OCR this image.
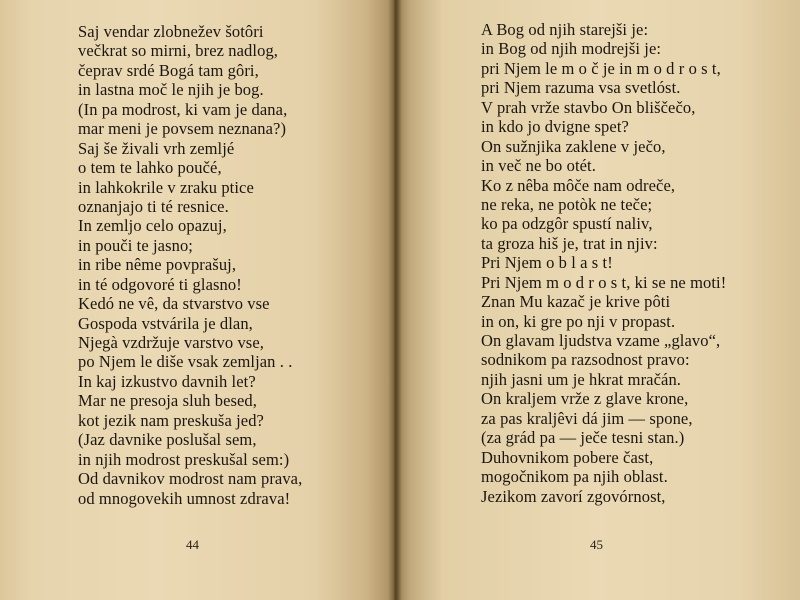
Saj vendar zlobnežev šotôri
večkrat so mirni, brez nadlog,
čeprav srdé Bogá tam gôri,
in lastna moč le njih je bog.
(In pa modrost, ki vam je dana,
mar meni je povsem neznana?)
Saj še živali vrh zemljé
o tem te lahko poučé,
in lahkokrile v zraku ptice
oznanjajo ti té resnice.
In zemljo celo opazuj,
in pouči te jasno;
in ribe nême povprašuj,
in té odgovoré ti glasno!
Kedó ne vê, da stvarstvo vse
Gospoda vstvárila je dlan,
Njegà vzdržuje varstvo vse,
po Njem le diše vsak zemljan . .
In kaj izkustvo davnih let?
Mar ne presoja sluh besed,
kot jezik nam preskuša jed?
(Jaz davnike poslušal sem,
in njih modrost preskušal sem:)
Od davnikov modrost nam prava,
od mnogovekih umnost zdrava!
44
A Bog od njih starejši je:
in Bog od njih modrejši je:
pri Njem le m o č je in m o d r o s t,
pri Njem razuma vsa svetlóst.
V prah vrže stavbo On bliščečo,
in kdo jo dvigne spet?
On sužnjika zaklene v ječo,
in več ne bo otét.
Ko z nêba môče nam odreče,
ne reka, ne potòk ne teče;
ko pa odzgôr spustí naliv,
ta groza hiš je, trat in njiv:
Pri Njem o b l a s t!
Pri Njem m o d r o s t, ki se ne moti!
Znan Mu kazač je krive pôti
in on, ki gre po nji v propast.
On glavam ljudstva vzame „glavo“,
sodnikom pa razsodnost pravo:
njih jasni um je hkrat mračán.
On kraljem vrže z glave krone,
za pas kraljêvi dá jim — spone,
(za grád pa — ječe tesni stan.)
Duhovnikom pobere čast,
mogočnikom pa njih oblast.
Jezikom zavorí zgovórnost,
45
